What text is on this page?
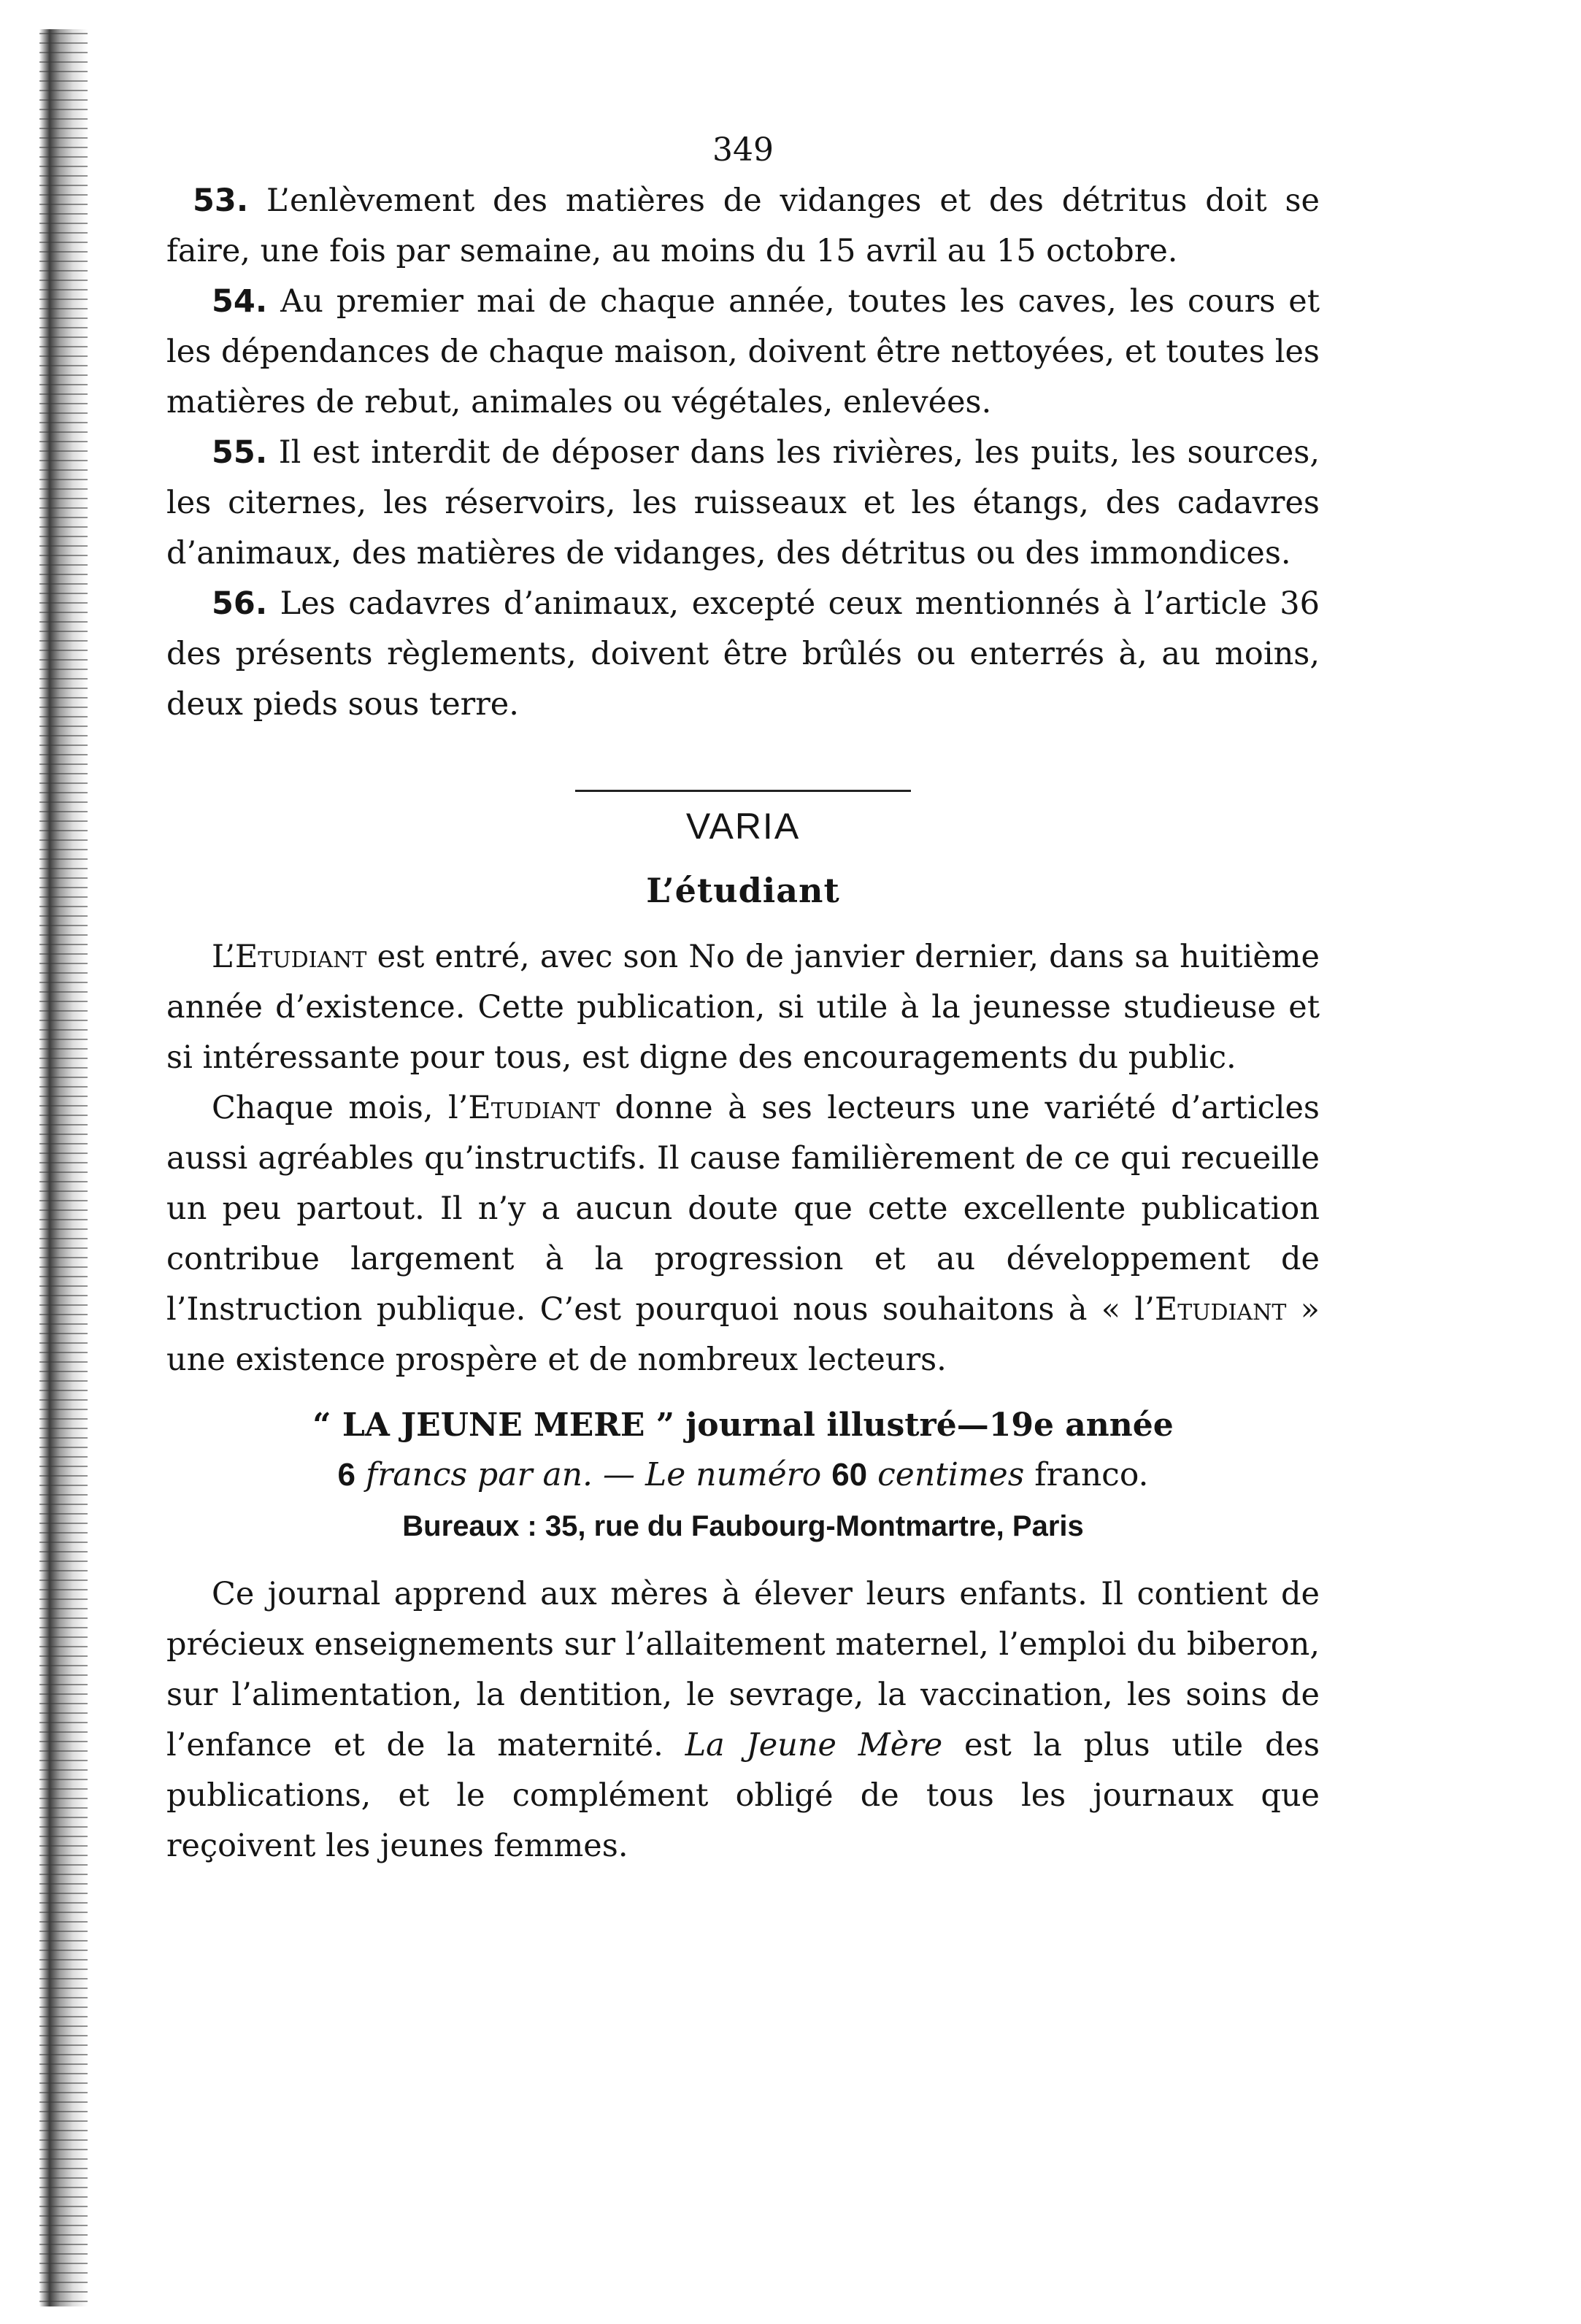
349

53. L’enlèvement des matières de vidanges et des détritus doit se faire, une fois par semaine, au moins du 15 avril au 15 octobre.

54. Au premier mai de chaque année, toutes les caves, les cours et les dépendances de chaque maison, doivent être nettoyées, et toutes les matières de rebut, animales ou végétales, enlevées.

55. Il est interdit de déposer dans les rivières, les puits, les sources, les citernes, les réservoirs, les ruisseaux et les étangs, des cadavres d’animaux, des matières de vidanges, des détritus ou des immondices.

56. Les cadavres d’animaux, excepté ceux mentionnés à l’article 36 des présents règlements, doivent être brûlés ou enterrés à, au moins, deux pieds sous terre.

VARIA
L’étudiant

L’Etudiant est entré, avec son No de janvier dernier, dans sa huitième année d’existence. Cette publication, si utile à la jeunesse studieuse et si intéressante pour tous, est digne des encouragements du public.

Chaque mois, l’Etudiant donne à ses lecteurs une variété d’articles aussi agréables qu’instructifs. Il cause familièrement de ce qui recueille un peu partout. Il n’y a aucun doute que cette excellente publication contribue largement à la progression et au développement de l’Instruction publique. C’est pourquoi nous souhaitons à « l’Etudiant » une existence prospère et de nombreux lecteurs.

“ LA JEUNE MERE ” journal illustré—19e année
6 francs par an. — Le numéro 60 centimes franco.
Bureaux : 35, rue du Faubourg-Montmartre, Paris

Ce journal apprend aux mères à élever leurs enfants. Il contient de précieux enseignements sur l’allaitement maternel, l’emploi du biberon, sur l’alimentation, la dentition, le sevrage, la vaccination, les soins de l’enfance et de la maternité. La Jeune Mère est la plus utile des publications, et le complément obligé de tous les journaux que reçoivent les jeunes femmes.
